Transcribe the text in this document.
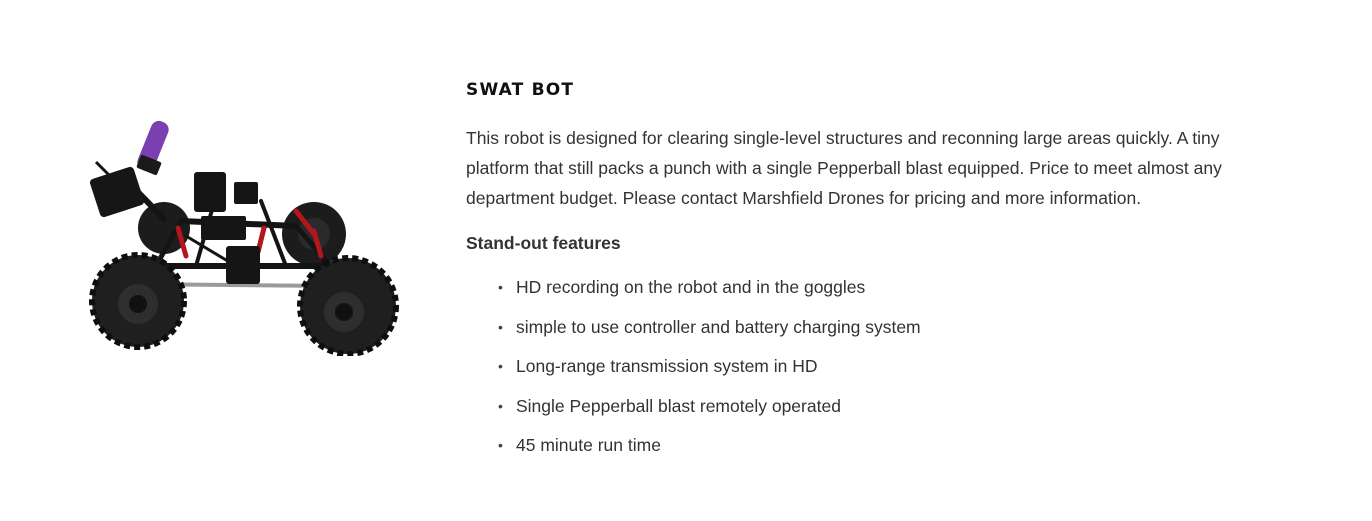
SWAT BOT

This robot is designed for clearing single-level structures and reconning large areas quickly. A tiny platform that still packs a punch with a single Pepperball blast equipped. Price to meet almost any department budget. Please contact Marshfield Drones for pricing and more information.

Stand-out features

• HD recording on the robot and in the goggles
• simple to use controller and battery charging system
• Long-range transmission system in HD
• Single Pepperball blast remotely operated
• 45 minute run time
